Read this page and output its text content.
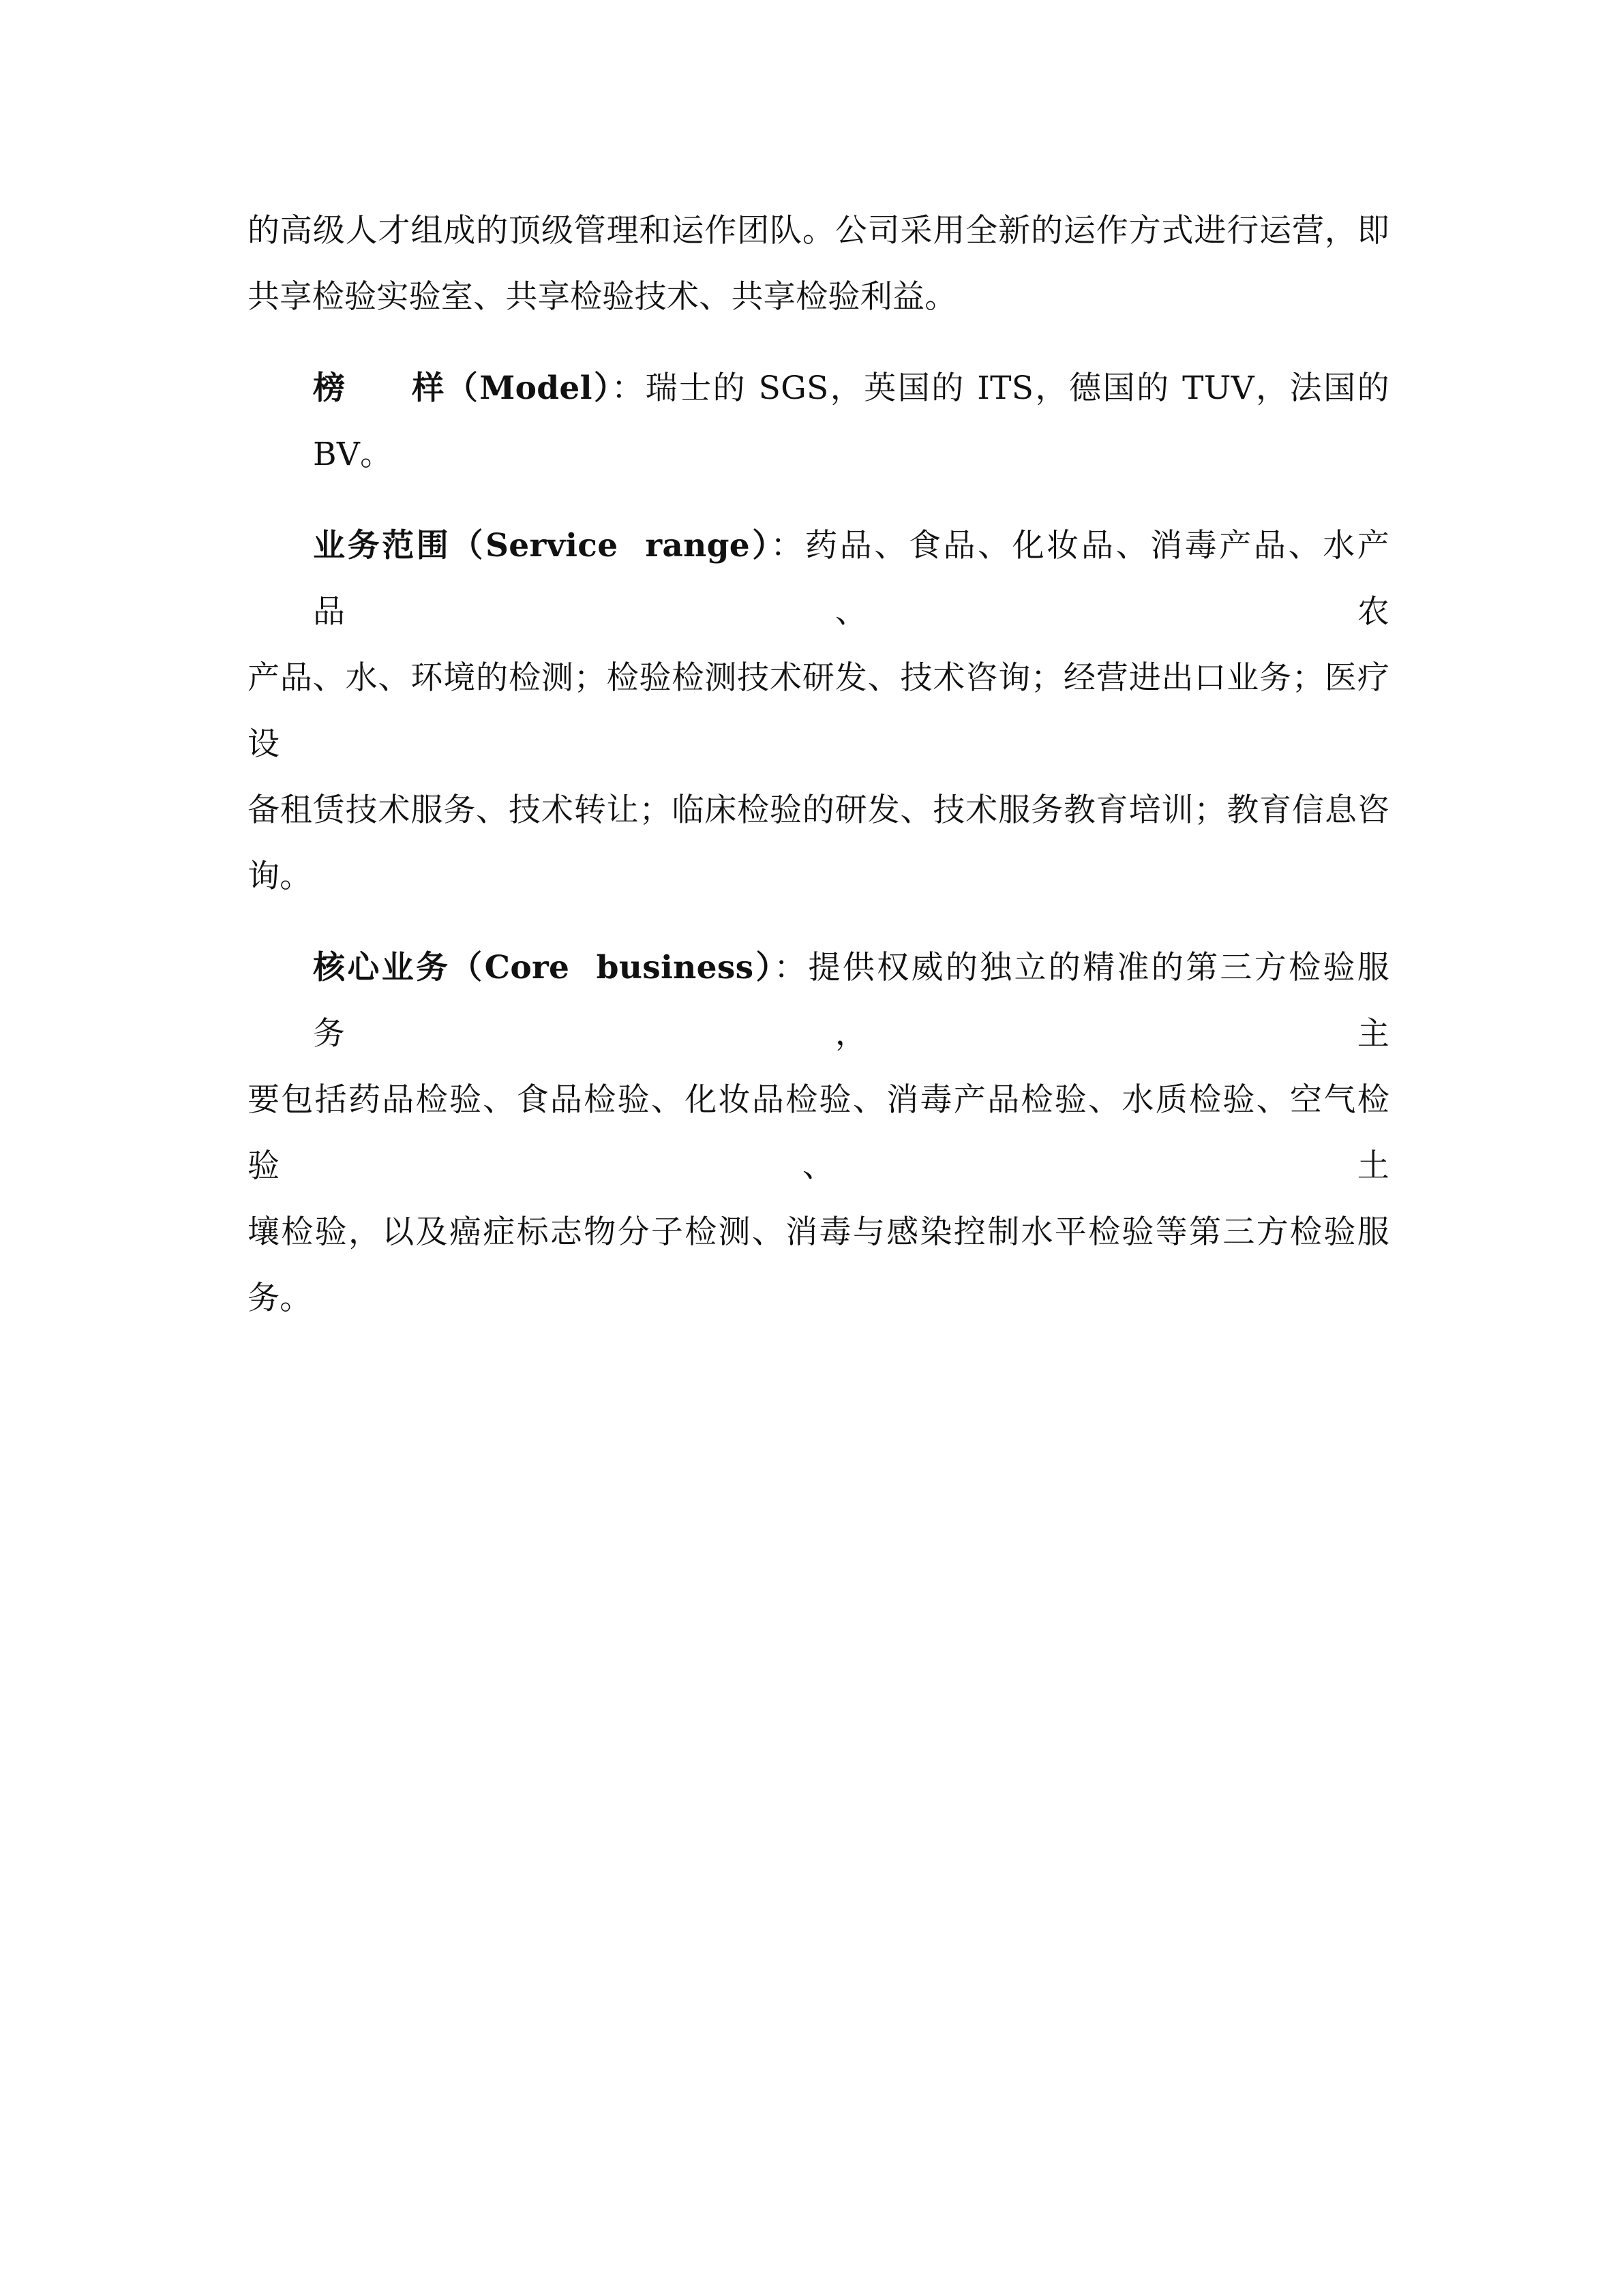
的高级人才组成的顶级管理和运作团队。公司采用全新的运作方式进行运营，即
共享检验实验室、共享检验技术、共享检验利益。

榜样（Model）：瑞士的 SGS，英国的 ITS，德国的 TUV，法国的 BV。

业务范围（Service  range）：药品、食品、化妆品、消毒产品、水产品、农
产品、水、环境的检测；检验检测技术研发、技术咨询；经营进出口业务；医疗设
备租赁技术服务、技术转让；临床检验的研发、技术服务教育培训；教育信息咨
询。

核心业务（Core  business）：提供权威的独立的精准的第三方检验服务，主
要包括药品检验、食品检验、化妆品检验、消毒产品检验、水质检验、空气检验、土
壤检验，以及癌症标志物分子检测、消毒与感染控制水平检验等第三方检验服务。
